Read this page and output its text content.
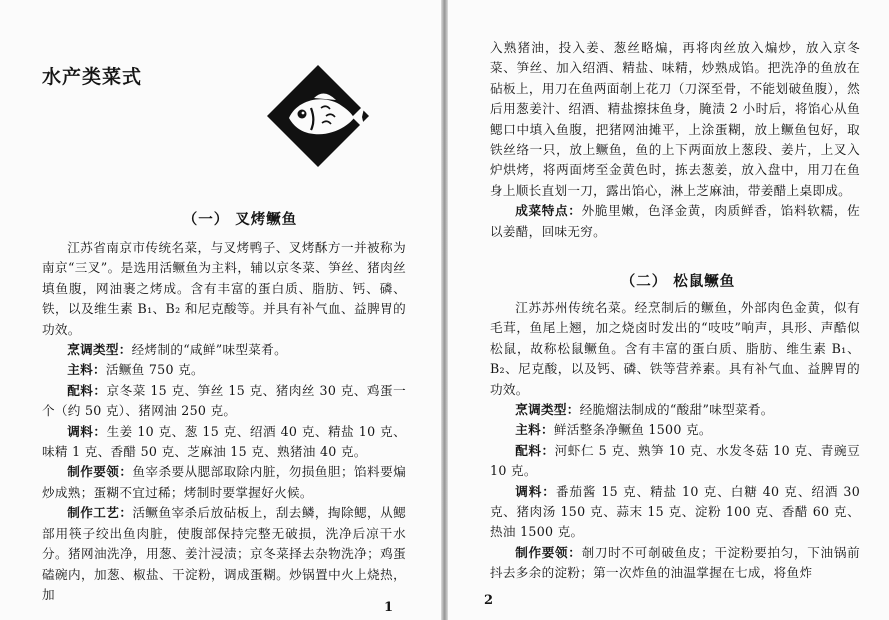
水产类菜式
（一） 叉烤鳜鱼

江苏省南京市传统名菜，与叉烤鸭子、叉烤酥方一并被称为南京“三叉”。是选用活鳜鱼为主料，辅以京冬菜、笋丝、猪肉丝填鱼腹，网油裹之烤成。含有丰富的蛋白质、脂肪、钙、磷、铁，以及维生素 B₁、B₂ 和尼克酸等。并具有补气血、益脾胃的功效。

烹调类型：经烤制的“咸鲜”味型菜肴。

主料：活鳜鱼 750 克。

配料：京冬菜 15 克、笋丝 15 克、猪肉丝 30 克、鸡蛋一个（约 50 克）、猪网油 250 克。

调料：生姜 10 克、葱 15 克、绍酒 40 克、精盐 10 克、味精 1 克、香醋 50 克、芝麻油 15 克、熟猪油 40 克。

制作要领：鱼宰杀要从腮部取除内脏，勿损鱼胆；馅料要煸炒成熟；蛋糊不宜过稀；烤制时要掌握好火候。

制作工艺：活鳜鱼宰杀后放砧板上，刮去鳞，掏除鳃，从鳃部用筷子绞出鱼肉脏，使腹部保持完整无破损，洗净后凉干水分。猪网油洗净，用葱、姜汁浸渍；京冬菜择去杂物洗净；鸡蛋磕碗内，加葱、椒盐、干淀粉，调成蛋糊。炒锅置中火上烧热，加

1

入熟猪油，投入姜、葱丝略煸，再将肉丝放入煸炒，放入京冬菜、笋丝、加入绍酒、精盐、味精，炒熟成馅。把洗净的鱼放在砧板上，用刀在鱼两面剞上花刀（刀深至骨，不能划破鱼腹），然后用葱姜汁、绍酒、精盐擦抹鱼身，腌渍 2 小时后，将馅心从鱼鳃口中填入鱼腹，把猪网油摊平，上涂蛋糊，放上鳜鱼包好，取铁丝络一只，放上鳜鱼，鱼的上下两面放上葱段、姜片，上叉入炉烘烤，将两面烤至金黄色时，拣去葱姜，放入盘中，用刀在鱼身上顺长直划一刀，露出馅心，淋上芝麻油，带姜醋上桌即成。

成菜特点：外脆里嫩，色泽金黄，肉质鲜香，馅料软糯，佐以姜醋，回味无穷。

（二） 松鼠鳜鱼

江苏苏州传统名菜。经烹制后的鳜鱼，外部肉色金黄，似有毛茸，鱼尾上翘，加之烧卤时发出的“吱吱”响声，具形、声酷似松鼠，故称松鼠鳜鱼。含有丰富的蛋白质、脂肪、维生素 B₁、B₂、尼克酸，以及钙、磷、铁等营养素。具有补气血、益脾胃的功效。

烹调类型：经脆熘法制成的“酸甜”味型菜肴。

主料：鲜活整条净鳜鱼 1500 克。

配料：河虾仁 5 克、熟笋 10 克、水发冬菇 10 克、青豌豆 10 克。

调料：番茄酱 15 克、精盐 10 克、白糖 40 克、绍酒 30 克、猪肉汤 150 克、蒜末 15 克、淀粉 100 克、香醋 60 克、热油 1500 克。

制作要领：剞刀时不可剞破鱼皮；干淀粉要拍匀，下油锅前抖去多余的淀粉；第一次炸鱼的油温掌握在七成，将鱼炸

2
